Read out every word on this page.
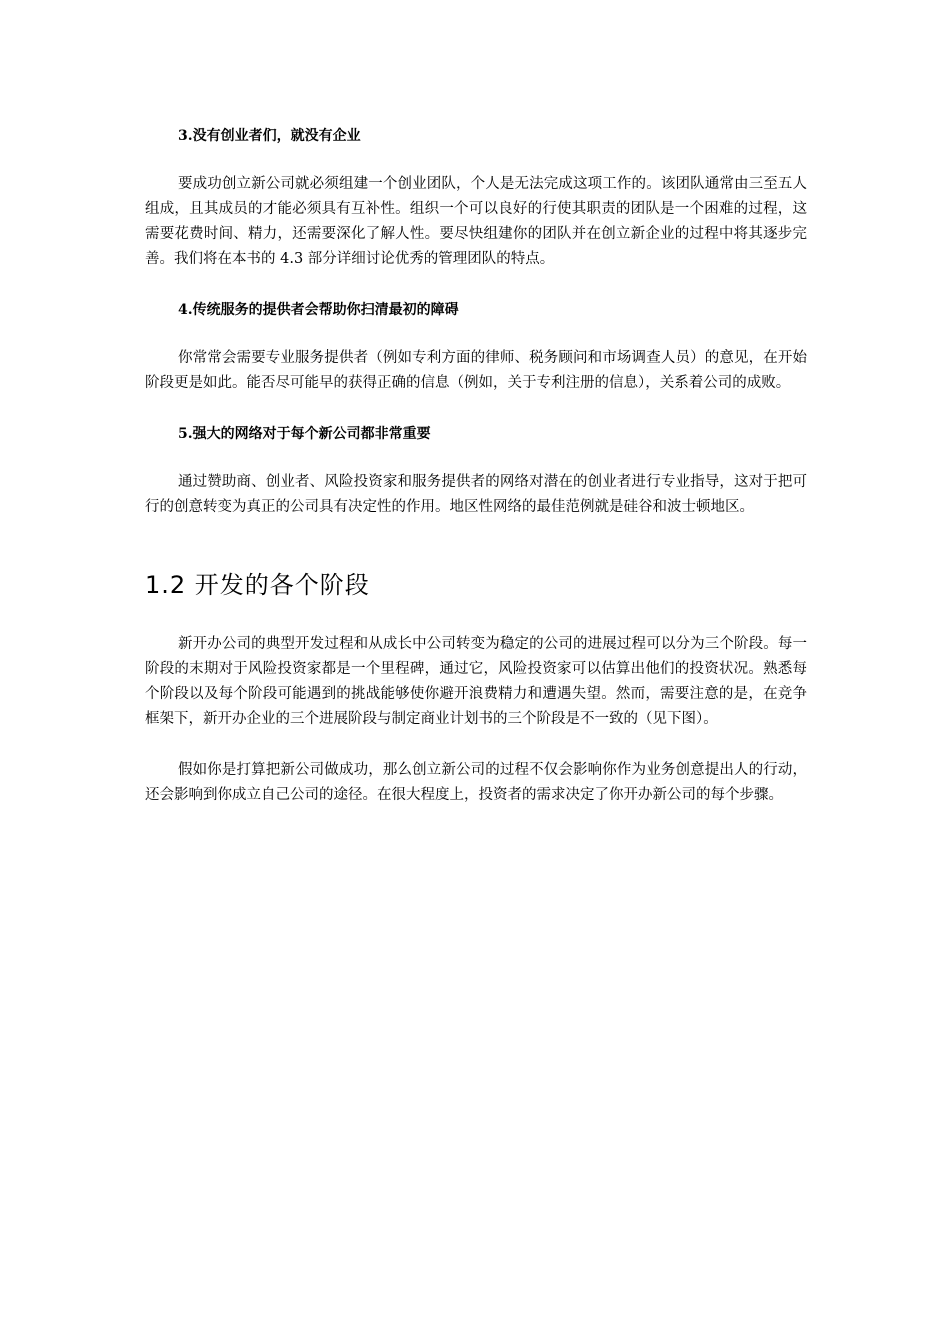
3.没有创业者们，就没有企业

要成功创立新公司就必须组建一个创业团队，个人是无法完成这项工作的。该团队通常由三至五人组成，且其成员的才能必须具有互补性。组织一个可以良好的行使其职责的团队是一个困难的过程，这需要花费时间、精力，还需要深化了解人性。要尽快组建你的团队并在创立新企业的过程中将其逐步完善。我们将在本书的 4.3 部分详细讨论优秀的管理团队的特点。

4.传统服务的提供者会帮助你扫清最初的障碍

你常常会需要专业服务提供者（例如专利方面的律师、税务顾问和市场调查人员）的意见，在开始阶段更是如此。能否尽可能早的获得正确的信息（例如，关于专利注册的信息），关系着公司的成败。

5.强大的网络对于每个新公司都非常重要

通过赞助商、创业者、风险投资家和服务提供者的网络对潜在的创业者进行专业指导，这对于把可行的创意转变为真正的公司具有决定性的作用。地区性网络的最佳范例就是硅谷和波士顿地区。

1.2 开发的各个阶段

新开办公司的典型开发过程和从成长中公司转变为稳定的公司的进展过程可以分为三个阶段。每一阶段的末期对于风险投资家都是一个里程碑，通过它，风险投资家可以估算出他们的投资状况。熟悉每个阶段以及每个阶段可能遇到的挑战能够使你避开浪费精力和遭遇失望。然而，需要注意的是，在竞争框架下，新开办企业的三个进展阶段与制定商业计划书的三个阶段是不一致的（见下图）。

假如你是打算把新公司做成功，那么创立新公司的过程不仅会影响你作为业务创意提出人的行动，还会影响到你成立自己公司的途径。在很大程度上，投资者的需求决定了你开办新公司的每个步骤。
